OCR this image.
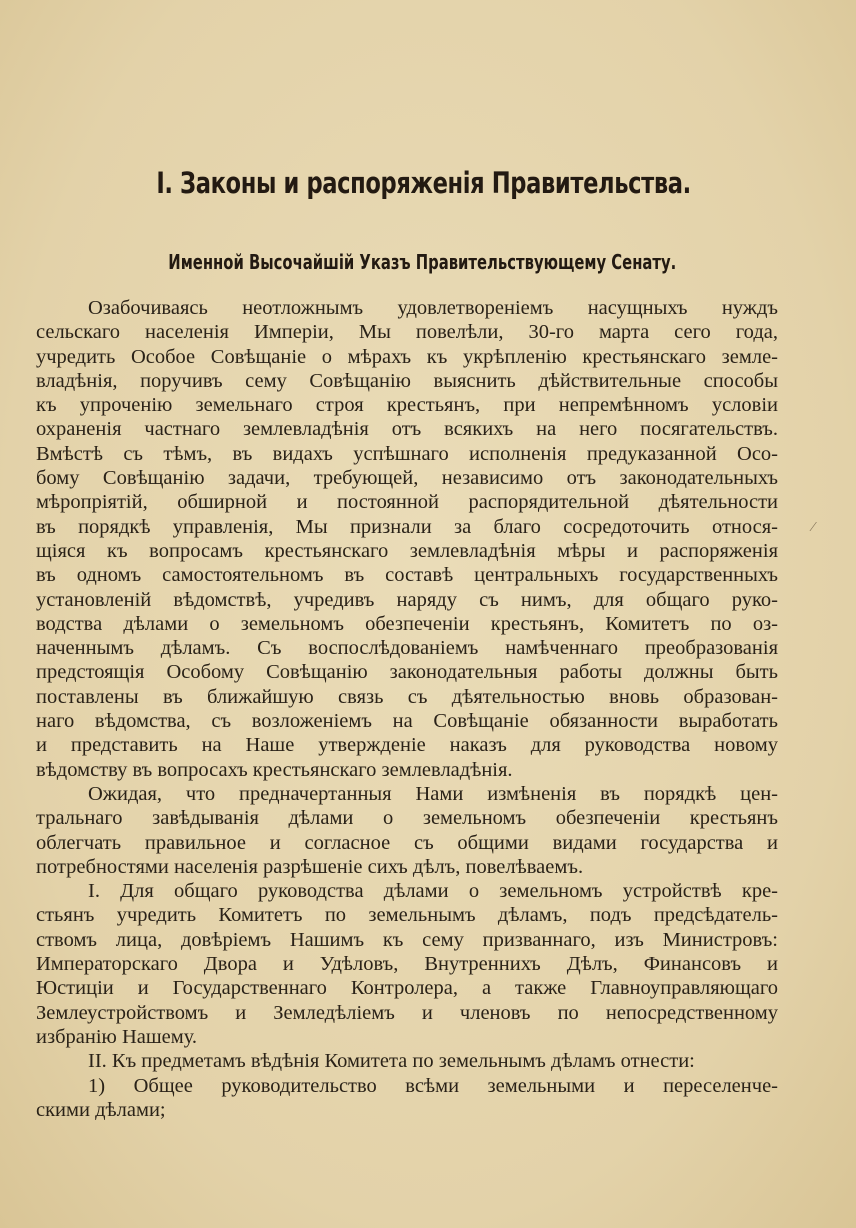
I. Законы и распоряженія Правительства.
Именной Высочайшій Указъ Правительствующему Сенату.
Озабочиваясь неотложнымъ удовлетвореніемъ насущныхъ нуждъ
сельскаго населенія Имперіи, Мы повелѣли, 30-го марта сего года,
учредить Особое Совѣщаніе о мѣрахъ къ укрѣпленію крестьянскаго земле-
владѣнія, поручивъ сему Совѣщанію выяснить дѣйствительные способы
къ упроченію земельнаго строя крестьянъ, при непремѣнномъ условіи
охраненія частнаго землевладѣнія отъ всякихъ на него посягательствъ.
Вмѣстѣ съ тѣмъ, въ видахъ успѣшнаго исполненія предуказанной Осо-
бому Совѣщанію задачи, требующей, независимо отъ законодательныхъ
мѣропріятій, обширной и постоянной распорядительной дѣятельности
въ порядкѣ управленія, Мы признали за благо сосредоточить относя-
щіяся къ вопросамъ крестьянскаго землевладѣнія мѣры и распоряженія
въ одномъ самостоятельномъ въ составѣ центральныхъ государственныхъ
установленій вѣдомствѣ, учредивъ наряду съ нимъ, для общаго руко-
водства дѣлами о земельномъ обезпеченіи крестьянъ, Комитетъ по оз-
наченнымъ дѣламъ. Съ воспослѣдованіемъ намѣченнаго преобразованія
предстоящія Особому Совѣщанію законодательныя работы должны быть
поставлены въ ближайшую связь съ дѣятельностью вновь образован-
наго вѣдомства, съ возложеніемъ на Совѣщаніе обязанности выработать
и представить на Наше утвержденіе наказъ для руководства новому
вѣдомству въ вопросахъ крестьянскаго землевладѣнія.
Ожидая, что предначертанныя Нами измѣненія въ порядкѣ цен-
тральнаго завѣдыванія дѣлами о земельномъ обезпеченіи крестьянъ
облегчать правильное и согласное съ общими видами государства и
потребностями населенія разрѣшеніе сихъ дѣлъ, повелѣваемъ.
I. Для общаго руководства дѣлами о земельномъ устройствѣ кре-
стьянъ учредить Комитетъ по земельнымъ дѣламъ, подъ предсѣдатель-
ствомъ лица, довѣріемъ Нашимъ къ сему призваннаго, изъ Министровъ:
Императорскаго Двора и Удѣловъ, Внутреннихъ Дѣлъ, Финансовъ и
Юстиціи и Государственнаго Контролера, а также Главноуправляющаго
Землеустройствомъ и Земледѣліемъ и членовъ по непосредственному
избранію Нашему.
II. Къ предметамъ вѣдѣнія Комитета по земельнымъ дѣламъ отнести:
1) Общее руководительство всѣми земельными и переселенче-
скими дѣлами;
⁄
